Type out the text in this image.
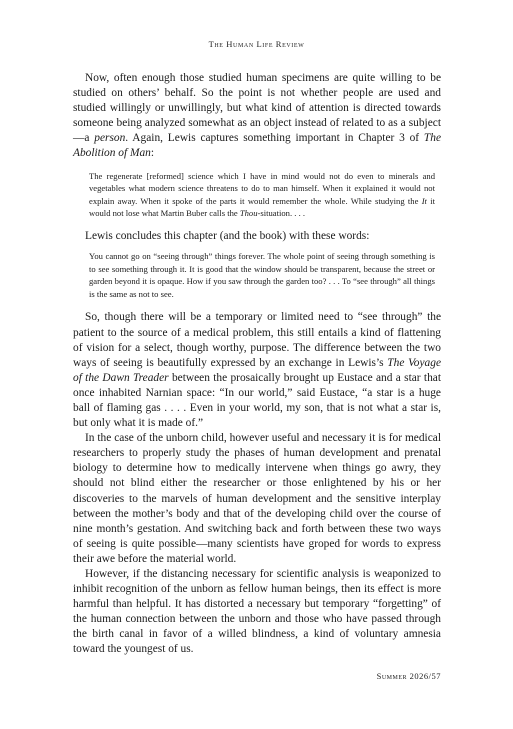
The Human Life Review

Now, often enough those studied human specimens are quite willing to be studied on others’ behalf. So the point is not whether people are used and studied willingly or unwillingly, but what kind of attention is directed towards someone being analyzed somewhat as an object instead of related to as a subject—a person. Again, Lewis captures something important in Chapter 3 of The Abolition of Man:

The regenerate [reformed] science which I have in mind would not do even to minerals and vegetables what modern science threatens to do to man himself. When it explained it would not explain away. When it spoke of the parts it would remember the whole. While studying the It it would not lose what Martin Buber calls the Thou-situation. . . .

Lewis concludes this chapter (and the book) with these words:

You cannot go on “seeing through” things forever. The whole point of seeing through something is to see something through it. It is good that the window should be transparent, because the street or garden beyond it is opaque. How if you saw through the garden too? . . . To “see through” all things is the same as not to see.

So, though there will be a temporary or limited need to “see through” the patient to the source of a medical problem, this still entails a kind of flattening of vision for a select, though worthy, purpose. The difference between the two ways of seeing is beautifully expressed by an exchange in Lewis’s The Voyage of the Dawn Treader between the prosaically brought up Eustace and a star that once inhabited Narnian space: “In our world,” said Eustace, “a star is a huge ball of flaming gas . . . . Even in your world, my son, that is not what a star is, but only what it is made of.”

In the case of the unborn child, however useful and necessary it is for medical researchers to properly study the phases of human development and prenatal biology to determine how to medically intervene when things go awry, they should not blind either the researcher or those enlightened by his or her discoveries to the marvels of human development and the sensitive interplay between the mother’s body and that of the developing child over the course of nine month’s gestation. And switching back and forth between these two ways of seeing is quite possible—many scientists have groped for words to express their awe before the material world.

However, if the distancing necessary for scientific analysis is weaponized to inhibit recognition of the unborn as fellow human beings, then its effect is more harmful than helpful. It has distorted a necessary but temporary “forgetting” of the human connection between the unborn and those who have passed through the birth canal in favor of a willed blindness, a kind of voluntary amnesia toward the youngest of us.

Summer 2026/57
